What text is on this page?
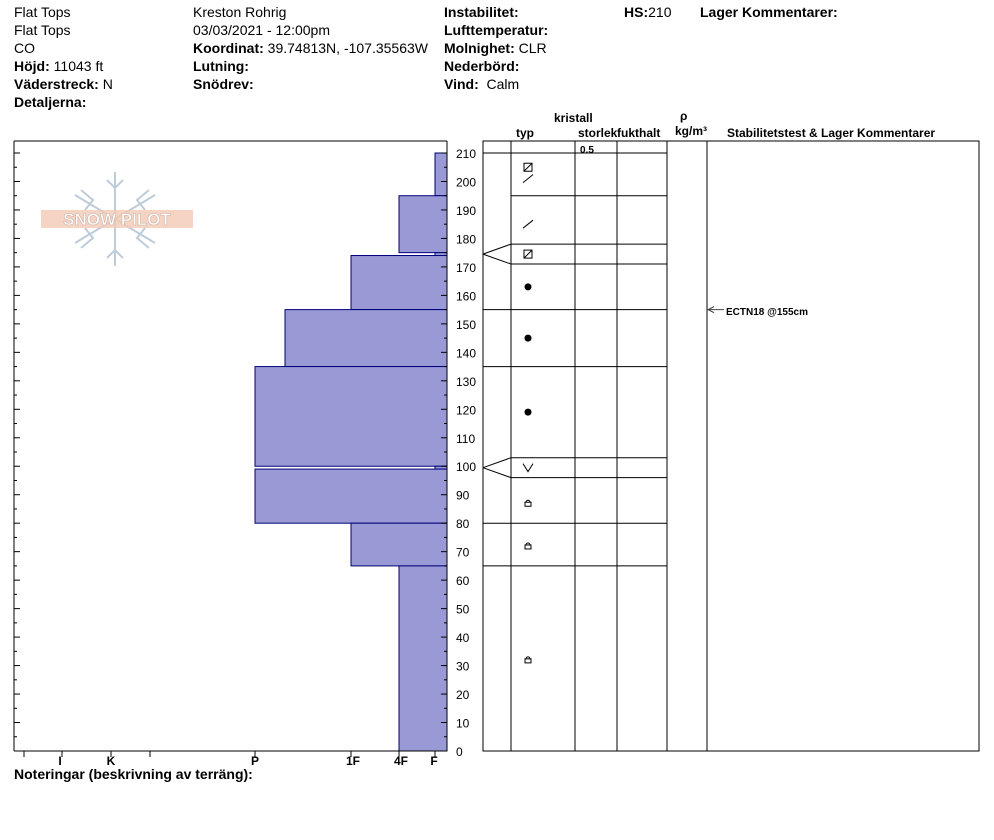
210
200
190
180
170
160
150
140
130
120
110
100
90
80
70
60
50
40
30
20
10
0
I	K	P	1F	4F F
SNOW PILOT
Flat Tops
Flat Tops
CO
Höjd: 11043 ft
Väderstreck: N
Detaljerna:
Kreston Rohrig
03/03/2021 - 12:00pm
Koordinat: 39.74813N, -107.35563W
Lutning:
Snödrev:
Instabilitet:
Lufttemperatur:
Molnighet: CLR
Nederbörd:
Vind: Calm
HS:210 Lager Kommentarer:
kristall
typ	storlek fukthalt
ρ
kg/m³ Stabilitetstest & Lager Kommentarer
0.5
ECTN18 @155cm
Noteringar (beskrivning av terräng):
